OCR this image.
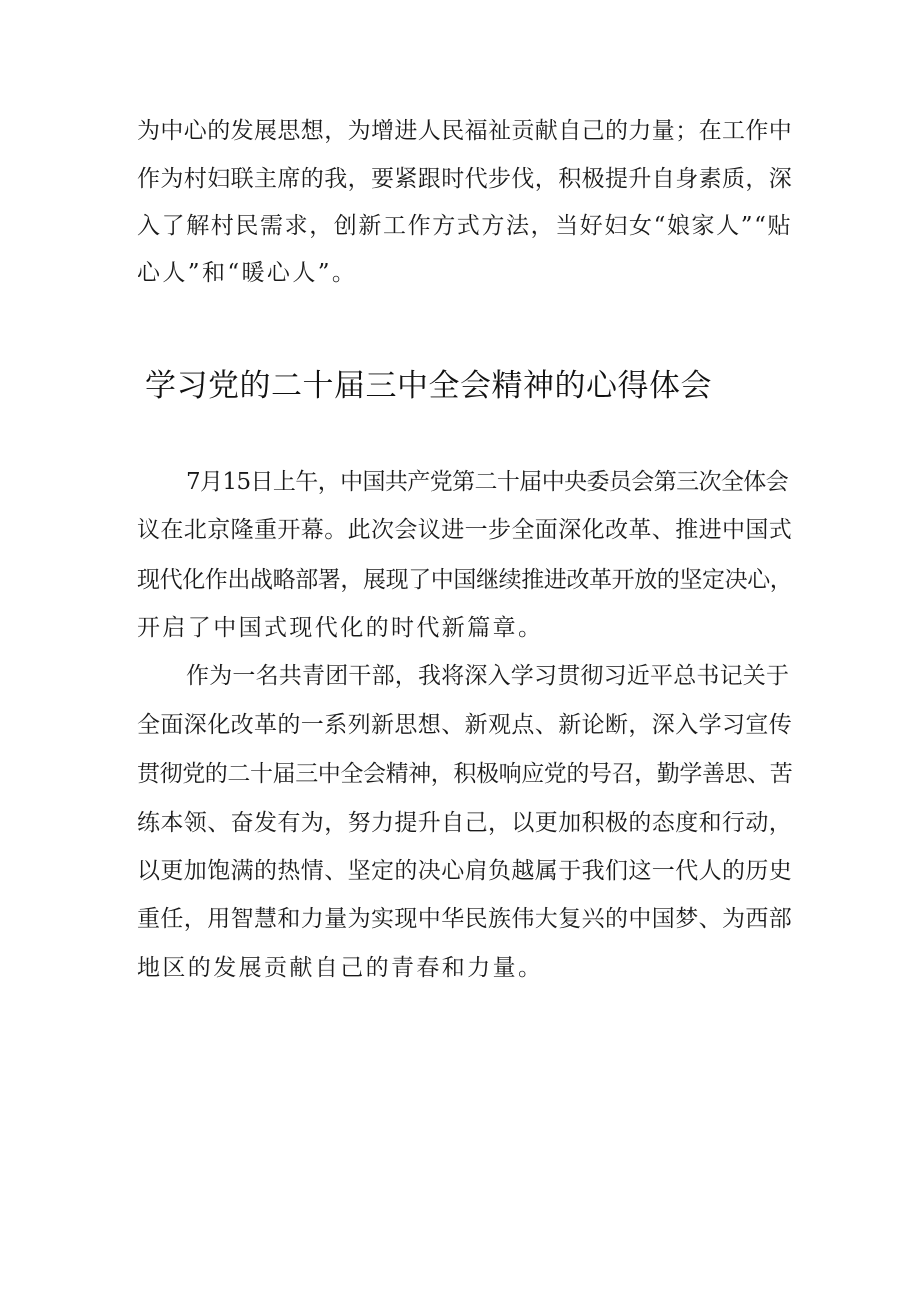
为中心的发展思想，为增进人民福祉贡献自己的力量；在工作中

作为村妇联主席的我，要紧跟时代步伐，积极提升自身素质，深

入了解村民需求，创新工作方式方法，当好妇女“娘家人”“贴

心人”和“暖心人”。

学习党的二十届三中全会精神的心得体会

7月15日上午，中国共产党第二十届中央委员会第三次全体会

议在北京隆重开幕。此次会议进一步全面深化改革、推进中国式

现代化作出战略部署，展现了中国继续推进改革开放的坚定决心，

开启了中国式现代化的时代新篇章。

作为一名共青团干部，我将深入学习贯彻习近平总书记关于

全面深化改革的一系列新思想、新观点、新论断，深入学习宣传

贯彻党的二十届三中全会精神，积极响应党的号召，勤学善思、苦

练本领、奋发有为，努力提升自己，以更加积极的态度和行动，

以更加饱满的热情、坚定的决心肩负越属于我们这一代人的历史

重任，用智慧和力量为实现中华民族伟大复兴的中国梦、为西部

地区的发展贡献自己的青春和力量。
